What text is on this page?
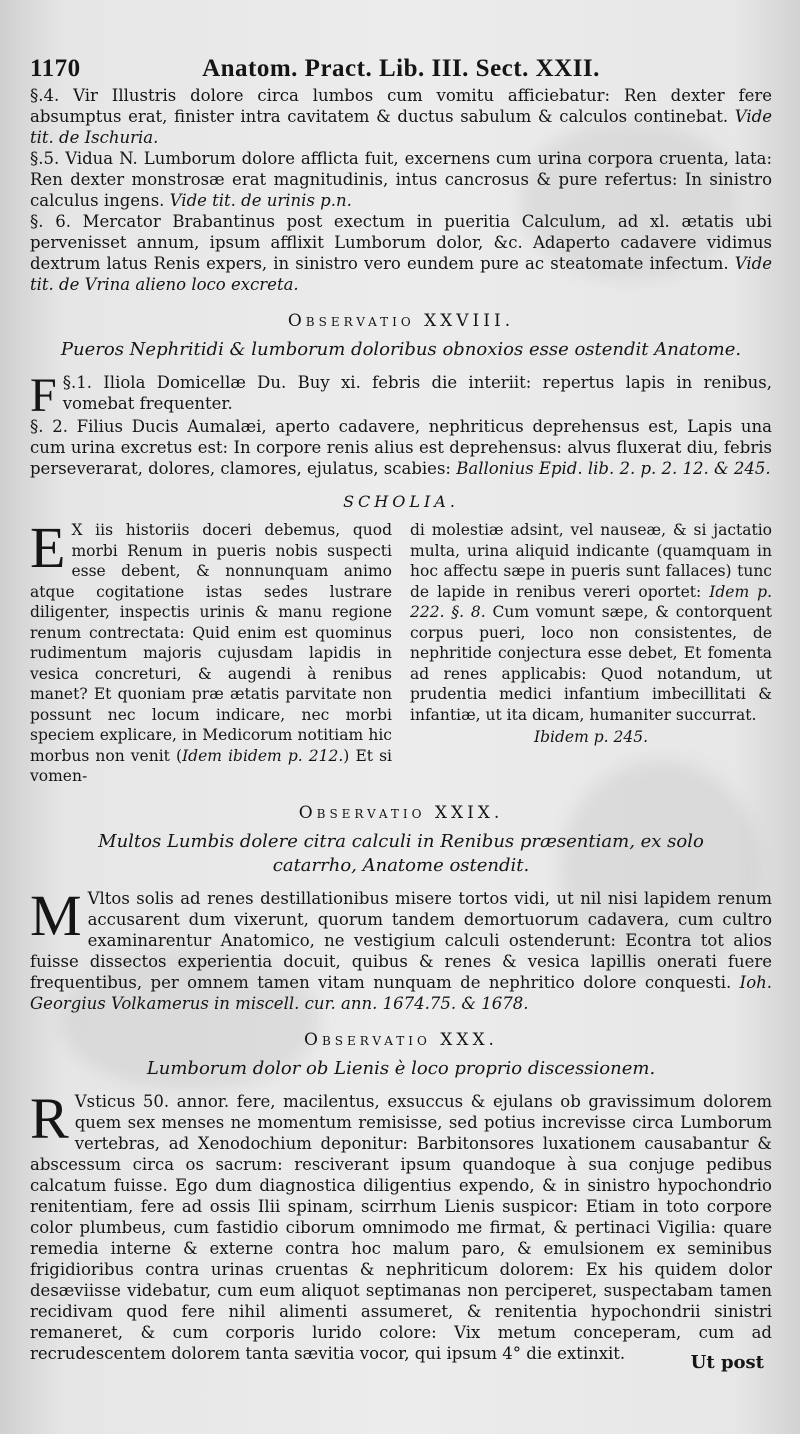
1170	Anatom. Pract. Lib. III. Sect. XXII.

§.4. Vir Illustris dolore circa lumbos cum vomitu afficiebatur: Ren dexter fere absumptus erat, finister intra cavitatem & ductus sabulum & calculos continebat. Vide tit. de Ischuria.

§.5. Vidua N. Lumborum dolore afflicta fuit, excernens cum urina corpora cruenta, lata: Ren dexter monstrosæ erat magnitudinis, intus cancrosus & pure refertus: In sinistro calculus ingens. Vide tit. de urinis p.n.

§. 6. Mercator Brabantinus post exectum in pueritia Calculum, ad xl. ætatis ubi pervenisset annum, ipsum afflixit Lumborum dolor, &c. Adaperto cadavere vidimus dextrum latus Renis expers, in sinistro vero eundem pure ac steatomate infectum. Vide tit. de Vrina alieno loco excreta.

Observatio XXVIII.
Pueros Nephritidi & lumborum doloribus obnoxios esse ostendit Anatome.

§.1.
F	Iliola Domicellæ Du. Buy xi. febris die interiit: repertus lapis in renibus, vomebat frequenter.

§. 2. Filius Ducis Aumalæi, aperto cadavere, nephriticus deprehensus est, Lapis una cum urina excretus est: In corpore renis alius est deprehensus: alvus fluxerat diu, febris perseverarat, dolores, clamores, ejulatus, scabies: Ballonius Epid. lib. 2. p. 2. 12. & 245.

SCHOLIA.
E X iis historiis doceri debemus, quod morbi Renum in pueris nobis suspecti esse debent, & nonnunquam animo atque cogitatione istas sedes lustrare diligenter, inspectis urinis & manu regione renum contrectata: Quid enim est quominus rudimentum majoris cujusdam lapidis in vesica concreturi, & augendi à renibus manet? Et quoniam præ ætatis parvitate non possunt nec locum indicare, nec morbi speciem explicare, in Medicorum notitiam hic morbus non venit (Idem ibidem p. 212.) Et si vomen-
di molestiæ adsint, vel nauseæ, & si jactatio multa, urina aliquid indicante (quamquam in hoc affectu sæpe in pueris sunt fallaces) tunc de lapide in renibus vereri oportet: Idem p. 222. §. 8. Cum vomunt sæpe, & contorquent corpus pueri, loco non consistentes, de nephritide conjectura esse debet, Et fomenta ad renes applicabis: Quod notandum, ut prudentia medici infantium imbecillitati & infantiæ, ut ita dicam, humaniter succurrat.
Ibidem p. 245.
Observatio XXIX.
Multos Lumbis dolere citra calculi in Renibus præsentiam, ex solo
catarrho, Anatome ostendit.

M Vltos solis ad renes destillationibus misere tortos vidi, ut nil nisi lapidem renum accusarent dum vixerunt, quorum tandem demortuorum cadavera, cum cultro examinarentur Anatomico, ne vestigium calculi ostenderunt: Econtra tot alios fuisse dissectos experientia docuit, quibus & renes & vesica lapillis onerati fuere frequentibus, per omnem tamen vitam nunquam de nephritico dolore conquesti. Ioh. Georgius Volkamerus in miscell. cur. ann. 1674.75. & 1678.

Observatio XXX.
Lumborum dolor ob Lienis è loco proprio discessionem.

R Vsticus 50. annor. fere, macilentus, exsuccus & ejulans ob gravissimum dolorem quem sex menses ne momentum remisisse, sed potius increvisse circa Lumborum vertebras, ad Xenodochium deponitur: Barbitonsores luxationem causabantur & abscessum circa os sacrum: resciverant ipsum quandoque à sua conjuge pedibus calcatum fuisse. Ego dum diagnostica diligentius expendo, & in sinistro hypochondrio renitentiam, fere ad ossis Ilii spinam, scirrhum Lienis suspicor: Etiam in toto corpore color plumbeus, cum fastidio ciborum omnimodo me firmat, & pertinaci Vigilia: quare remedia interne & externe contra hoc malum paro, & emulsionem ex seminibus frigidioribus contra urinas cruentas & nephriticum dolorem: Ex his quidem dolor desæviisse videbatur, cum eum aliquot septimanas non perciperet, suspectabam tamen recidivam quod fere nihil alimenti assumeret, & renitentia hypochondrii sinistri remaneret, & cum corporis lurido colore: Vix metum conceperam, cum ad recrudescentem dolorem tanta sævitia vocor, qui ipsum 4° die extinxit.	Ut post
